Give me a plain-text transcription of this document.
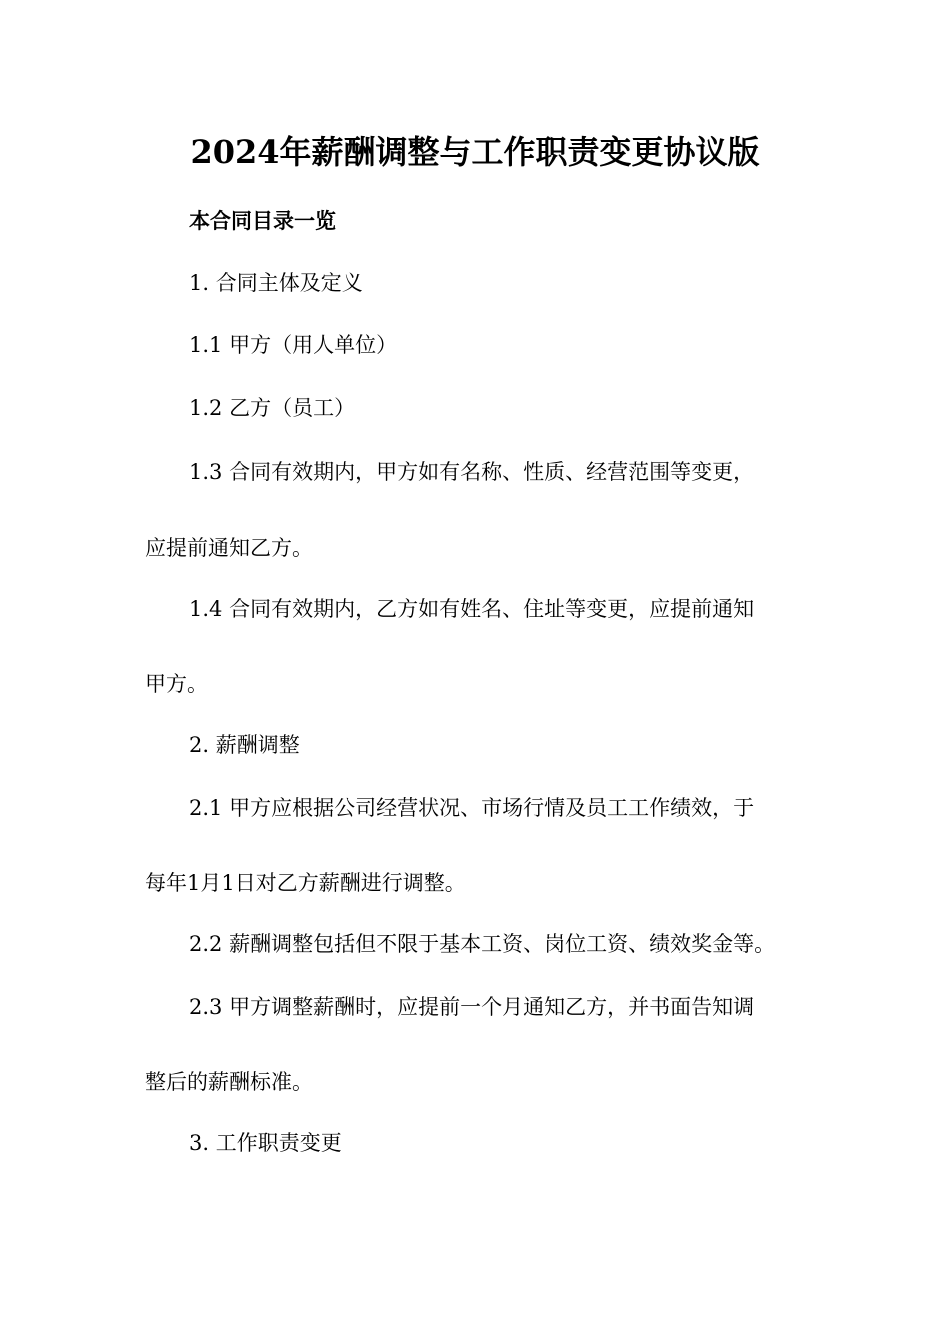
2024年薪酬调整与工作职责变更协议版
本合同目录一览
1. 合同主体及定义
1.1 甲方（用人单位）
1.2 乙方（员工）
1.3 合同有效期内，甲方如有名称、性质、经营范围等变更，
应提前通知乙方。
1.4 合同有效期内，乙方如有姓名、住址等变更，应提前通知
甲方。
2. 薪酬调整
2.1 甲方应根据公司经营状况、市场行情及员工工作绩效，于
每年1月1日对乙方薪酬进行调整。
2.2 薪酬调整包括但不限于基本工资、岗位工资、绩效奖金等。
2.3 甲方调整薪酬时，应提前一个月通知乙方，并书面告知调
整后的薪酬标准。
3. 工作职责变更
